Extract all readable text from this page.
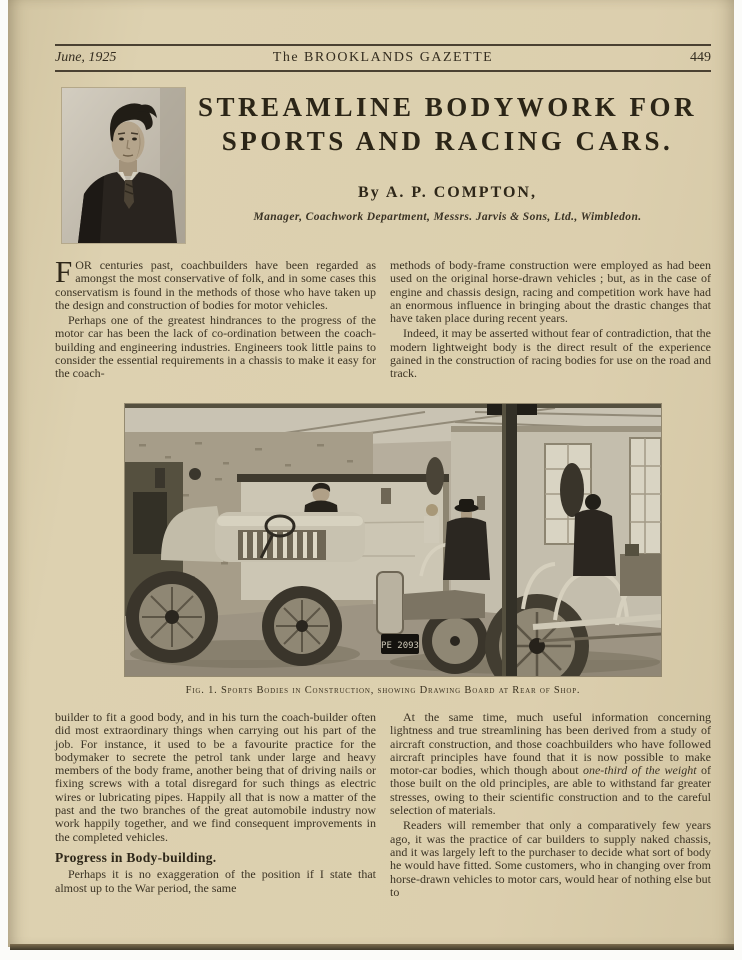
June, 1925	The BROOKLANDS GAZETTE	449
STREAMLINE BODYWORK FOR
SPORTS AND RACING CARS.
By A. P. COMPTON,
Manager, Coachwork Department, Messrs. Jarvis & Sons, Ltd., Wimbledon.

FOR centuries past, coachbuilders have been regarded as amongst the most conservative of folk, and in some cases this conservatism is found in the methods of those who have taken up the design and construction of bodies for motor vehicles.

Perhaps one of the greatest hindrances to the progress of the motor car has been the lack of co-ordination between the coach-building and engineering industries. Engineers took little pains to consider the essential requirements in a chassis to make it easy for the coach-

methods of body-frame construction were employed as had been used on the original horse-drawn vehicles ; but, as in the case of engine and chassis design, racing and competition work have had an enormous influence in bringing about the drastic changes that have taken place during recent years.

Indeed, it may be asserted without fear of contradiction, that the modern lightweight body is the direct result of the experience gained in the construction of racing bodies for use on the road and track.

PE 2093
Fig. 1. Sports Bodies in Construction, showing Drawing Board at Rear of Shop.

builder to fit a good body, and in his turn the coach-builder often did most extraordinary things when carrying out his part of the job. For instance, it used to be a favourite practice for the bodymaker to secrete the petrol tank under large and heavy members of the body frame, another being that of driving nails or fixing screws with a total disregard for such things as electric wires or lubricating pipes. Happily all that is now a matter of the past and the two branches of the great automobile industry now work happily together, and we find consequent improvements in the completed vehicles.

Progress in Body-building.

Perhaps it is no exaggeration of the position if I state that almost up to the War period, the same

At the same time, much useful information concerning lightness and true streamlining has been derived from a study of aircraft construction, and those coachbuilders who have followed aircraft principles have found that it is now possible to make motor-car bodies, which though about one-third of the weight of those built on the old principles, are able to withstand far greater stresses, owing to their scientific construction and to the careful selection of materials.

Readers will remember that only a comparatively few years ago, it was the practice of car builders to supply naked chassis, and it was largely left to the purchaser to decide what sort of body he would have fitted. Some customers, who in changing over from horse-drawn vehicles to motor cars, would hear of nothing else but to
